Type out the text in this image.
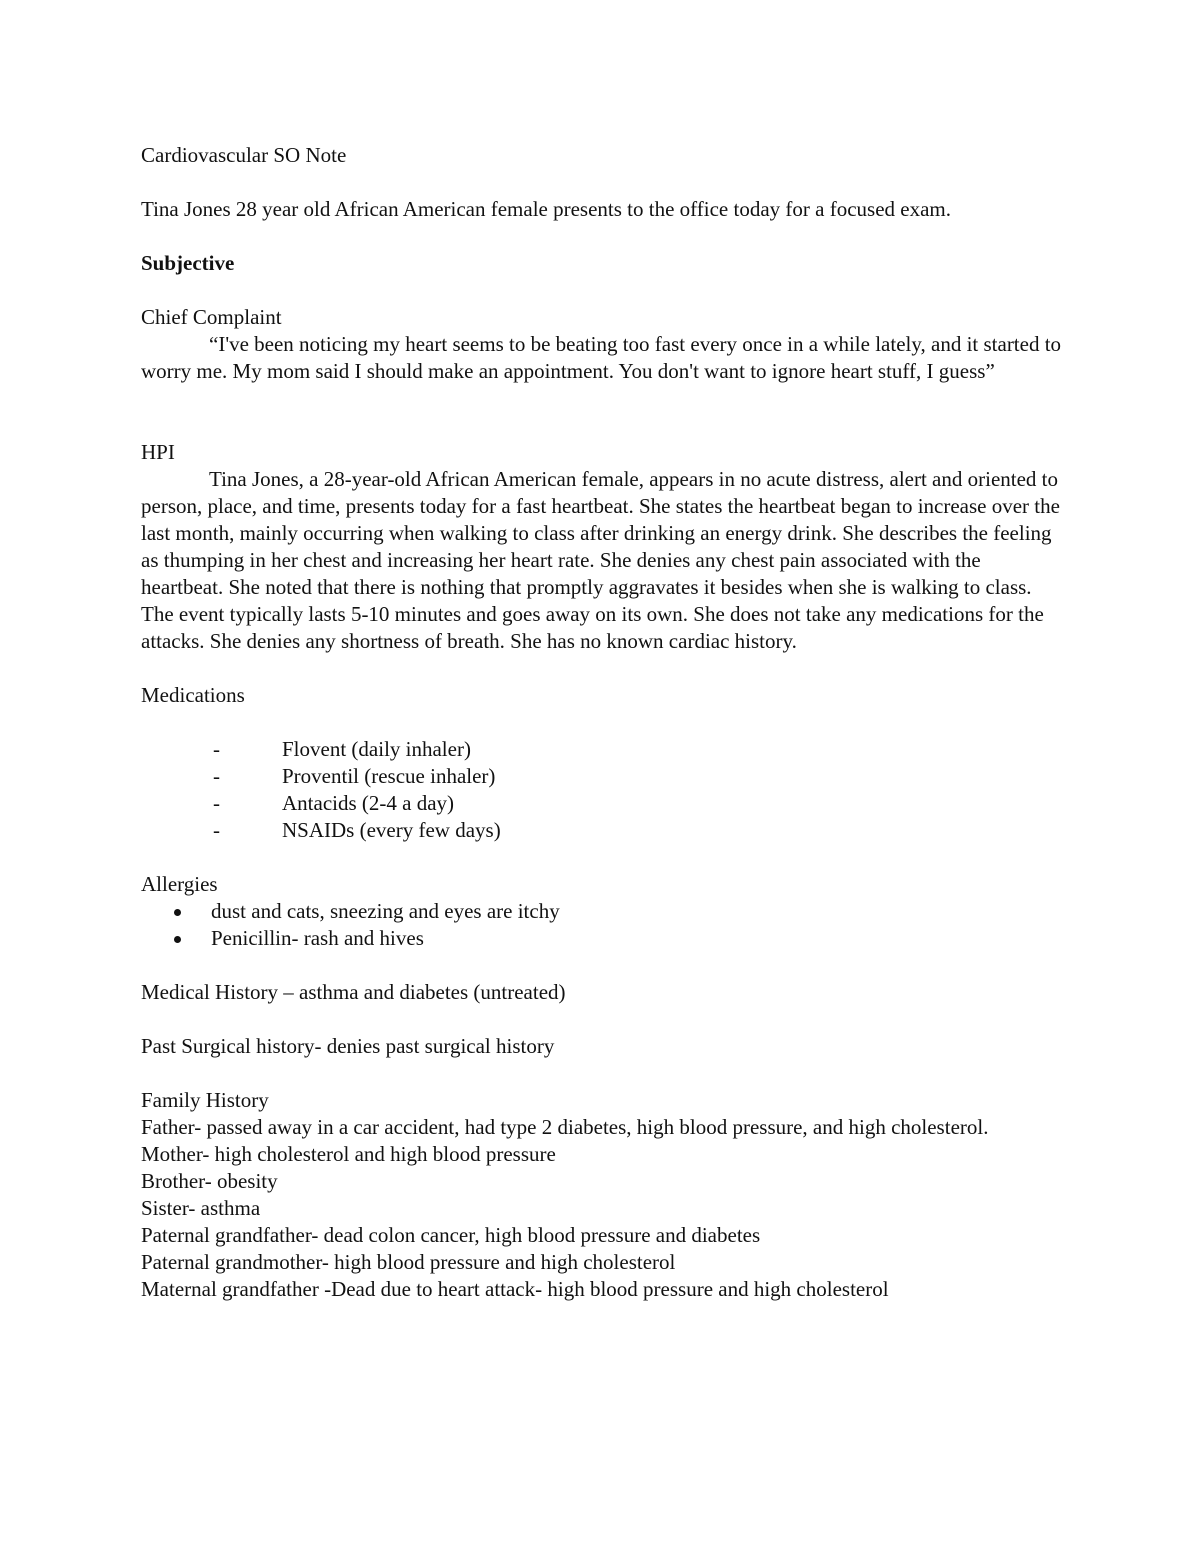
Cardiovascular SO Note

Tina Jones 28 year old African American female presents to the office today for a focused exam.

Subjective

Chief Complaint

“I've been noticing my heart seems to be beating too fast every once in a while lately, and it started to worry me. My mom said I should make an appointment. You don't want to ignore heart stuff, I guess”

HPI

Tina Jones, a 28-year-old African American female, appears in no acute distress, alert and oriented to person, place, and time, presents today for a fast heartbeat. She states the heartbeat began to increase over the last month, mainly occurring when walking to class after drinking an energy drink. She describes the feeling as thumping in her chest and increasing her heart rate. She denies any chest pain associated with the heartbeat. She noted that there is nothing that promptly aggravates it besides when she is walking to class. The event typically lasts 5-10 minutes and goes away on its own. She does not take any medications for the attacks. She denies any shortness of breath. She has no known cardiac history.

Medications

-	Flovent (daily inhaler)
-	Proventil (rescue inhaler)
-	Antacids (2-4 a day)
-	NSAIDs (every few days)

Allergies

dust and cats, sneezing and eyes are itchy
Penicillin- rash and hives

Medical History – asthma and diabetes (untreated)

Past Surgical history- denies past surgical history

Family History

Father- passed away in a car accident, had type 2 diabetes, high blood pressure, and high cholesterol.

Mother- high cholesterol and high blood pressure

Brother- obesity

Sister- asthma

Paternal grandfather- dead colon cancer, high blood pressure and diabetes

Paternal grandmother- high blood pressure and high cholesterol

Maternal grandfather -Dead due to heart attack- high blood pressure and high cholesterol
